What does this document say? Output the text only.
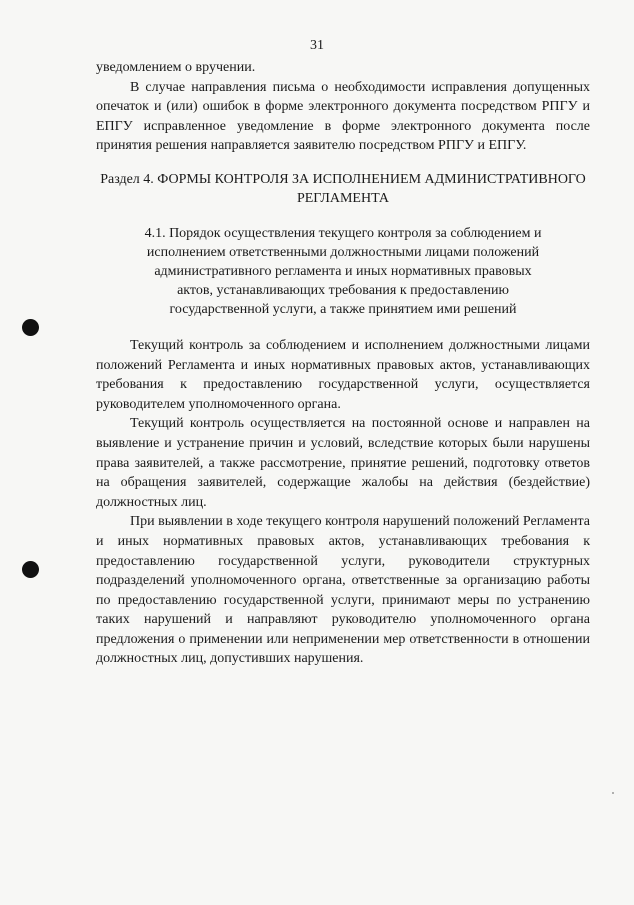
31

уведомлением о вручении.

В случае направления письма о необходимости исправления допущенных опечаток и (или) ошибок в форме электронного документа посредством РПГУ и ЕПГУ исправленное уведомление в форме электронного документа после принятия решения направляется заявителю посредством РПГУ и ЕПГУ.

Раздел 4. ФОРМЫ КОНТРОЛЯ ЗА ИСПОЛНЕНИЕМ АДМИНИСТРАТИВНОГО РЕГЛАМЕНТА

4.1. Порядок осуществления текущего контроля за соблюдением и исполнением ответственными должностными лицами положений административного регламента и иных нормативных правовых актов, устанавливающих требования к предоставлению государственной услуги, а также принятием ими решений

Текущий контроль за соблюдением и исполнением должностными лицами положений Регламента и иных нормативных правовых актов, устанавливающих требования к предоставлению государственной услуги, осуществляется руководителем уполномоченного органа.

Текущий контроль осуществляется на постоянной основе и направлен на выявление и устранение причин и условий, вследствие которых были нарушены права заявителей, а также рассмотрение, принятие решений, подготовку ответов на обращения заявителей, содержащие жалобы на действия (бездействие) должностных лиц.

При выявлении в ходе текущего контроля нарушений положений Регламента и иных нормативных правовых актов, устанавливающих требования к предоставлению государственной услуги, руководители структурных подразделений уполномоченного органа, ответственные за организацию работы по предоставлению государственной услуги, принимают меры по устранению таких нарушений и направляют руководителю уполномоченного органа предложения о применении или неприменении мер ответственности в отношении должностных лиц, допустивших нарушения.
